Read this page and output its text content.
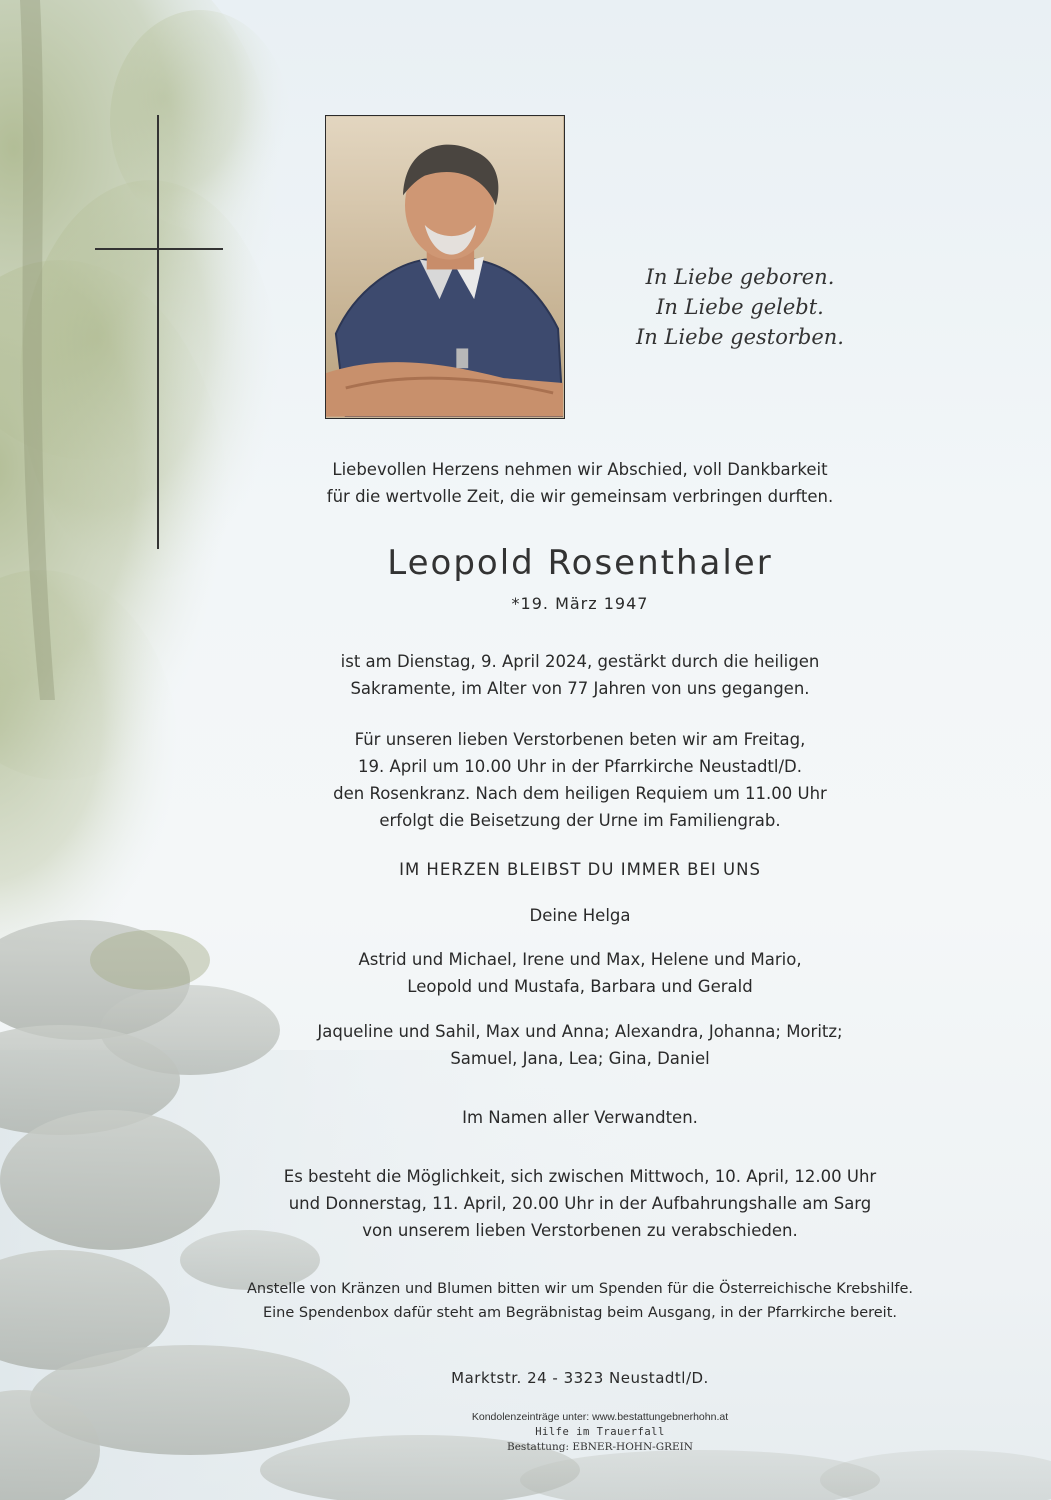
In Liebe geboren.
In Liebe gelebt.
In Liebe gestorben.
Liebevollen Herzens nehmen wir Abschied, voll Dankbarkeit
für die wertvolle Zeit, die wir gemeinsam verbringen durften.
Leopold Rosenthaler
*19. März 1947
ist am Dienstag, 9. April 2024, gestärkt durch die heiligen
Sakramente, im Alter von 77 Jahren von uns gegangen.
Für unseren lieben Verstorbenen beten wir am Freitag,
19. April um 10.00 Uhr in der Pfarrkirche Neustadtl/D.
den Rosenkranz. Nach dem heiligen Requiem um 11.00 Uhr
erfolgt die Beisetzung der Urne im Familiengrab.
IM HERZEN BLEIBST DU IMMER BEI UNS
Deine Helga
Astrid und Michael, Irene und Max, Helene und Mario,
Leopold und Mustafa, Barbara und Gerald
Jaqueline und Sahil, Max und Anna; Alexandra, Johanna; Moritz;
Samuel, Jana, Lea; Gina, Daniel
Im Namen aller Verwandten.
Es besteht die Möglichkeit, sich zwischen Mittwoch, 10. April, 12.00 Uhr
und Donnerstag, 11. April, 20.00 Uhr in der Aufbahrungshalle am Sarg
von unserem lieben Verstorbenen zu verabschieden.
Anstelle von Kränzen und Blumen bitten wir um Spenden für die Österreichische Krebshilfe.
Eine Spendenbox dafür steht am Begräbnistag beim Ausgang, in der Pfarrkirche bereit.
Marktstr. 24 - 3323 Neustadtl/D.
Kondolenzeinträge unter: www.bestattungebnerhohn.at
Hilfe im Trauerfall
Bestattung: EBNER-HOHN-GREIN
